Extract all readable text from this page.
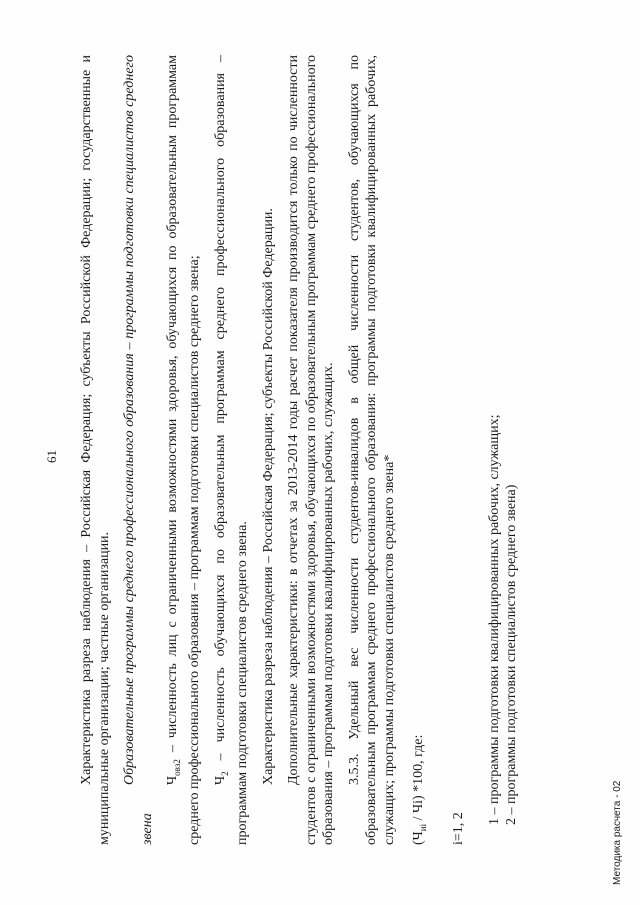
61 Характеристика разреза наблюдения – Российская Федерация; субъекты Российской Федерации; государственные и муниципальные организации; частные организации. Образовательные программы среднего профессионального образования – программы подготовки специалистов среднего звена

$Ч_{овз2}$ – численность лиц с ограниченными возможностями здоровья, обучающихся по образовательным программам среднего профессионального образования – программам подготовки специалистов среднего звена; $Ч_2$ – численность обучающихся по образовательным программам среднего профессионального образования – программам подготовки специалистов среднего звена. Характеристика разреза наблюдения – Российская Федерация; субъекты Российской Федерации. Дополнительные характеристики: в отчетах за 2013-2014 годы расчет показателя производится только по численности студентов с ограниченными возможностями здоровья, обучающихся по образовательным программам среднего профессионального образования – программам подготовки квалифицированных рабочих, служащих. 3.5.3. Удельный вес численности студентов-инвалидов в общей численности студентов, обучающихся по образовательным программам среднего профессионального образования: программы подготовки квалифицированных рабочих, служащих; программы подготовки специалистов среднего звена* $(Ч_{иi} / Чi)$ *100, где:

i=1, 2

1 – программы подготовки квалифицированных рабочих, служащих; 2 – программы подготовки специалистов среднего звена)
Методика расчета - 02
